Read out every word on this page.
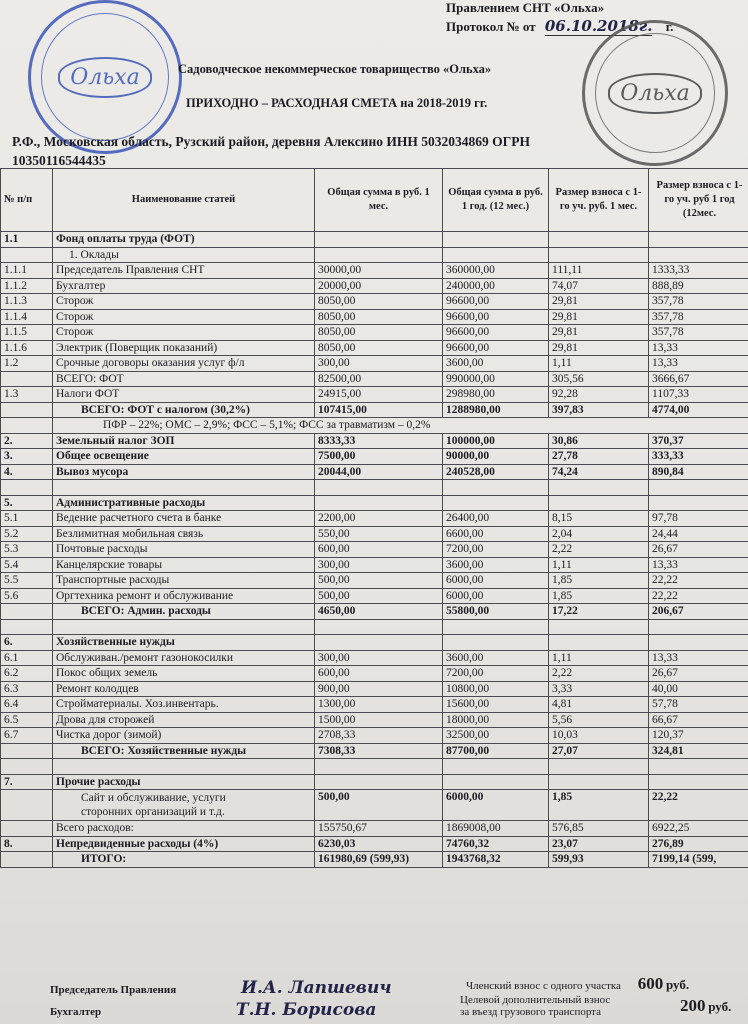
Правлением СНТ «Ольха»
Протокол № от 06.10.2018г. г.
Ольха
Ольха
Садоводческое некоммерческое товарищество «Ольха»
ПРИХОДНО – РАСХОДНАЯ СМЕТА на 2018-2019 гг.
Р.Ф., Московская область, Рузский район, деревня Алексино ИНН 5032034869 ОГРН
10350116544435
№ п/п	Наименование статей	Общая сумма в руб. 1 мес.	Общая сумма в руб. 1 год. (12 мес.)	Размер взноса с 1-го уч. руб. 1 мес.	Размер взноса с 1-го уч. руб 1 год (12мес.
1.1	Фонд оплаты труда (ФОТ)				
	1. Оклады				
1.1.1	Председатель Правления СНТ	30000,00	360000,00	111,11	1333,33
1.1.2	Бухгалтер	20000,00	240000,00	74,07	888,89
1.1.3	Сторож	8050,00	96600,00	29,81	357,78
1.1.4	Сторож	8050,00	96600,00	29,81	357,78
1.1.5	Сторож	8050,00	96600,00	29,81	357,78
1.1.6	Электрик (Поверщик показаний)	8050,00	96600,00	29,81	13,33
1.2	Срочные договоры оказания услуг ф/л	300,00	3600,00	1,11	13,33
	ВСЕГО: ФОТ	82500,00	990000,00	305,56	3666,67
1.3	Налоги ФОТ	24915,00	298980,00	92,28	1107,33
	ВСЕГО: ФОТ с налогом (30,2%)	107415,00	1288980,00	397,83	4774,00
	ПФР – 22%; ОМС – 2,9%; ФСС – 5,1%; ФСС за травматизм – 0,2%				
2.	Земельный налог ЗОП	8333,33	100000,00	30,86	370,37
3.	Общее освещение	7500,00	90000,00	27,78	333,33
4.	Вывоз мусора	20044,00	240528,00	74,24	890,84

5.	Административные расходы				
5.1	Ведение расчетного счета в банке	2200,00	26400,00	8,15	97,78
5.2	Безлимитная мобильная связь	550,00	6600,00	2,04	24,44
5.3	Почтовые расходы	600,00	7200,00	2,22	26,67
5.4	Канцелярские товары	300,00	3600,00	1,11	13,33
5.5	Транспортные расходы	500,00	6000,00	1,85	22,22
5.6	Оргтехника ремонт и обслуживание	500,00	6000,00	1,85	22,22
	ВСЕГО: Админ. расходы	4650,00	55800,00	17,22	206,67

6.	Хозяйственные нужды				
6.1	Обслуживан./ремонт газонокосилки	300,00	3600,00	1,11	13,33
6.2	Покос общих земель	600,00	7200,00	2,22	26,67
6.3	Ремонт колодцев	900,00	10800,00	3,33	40,00
6.4	Стройматериалы. Хоз.инвентарь.	1300,00	15600,00	4,81	57,78
6.5	Дрова для сторожей	1500,00	18000,00	5,56	66,67
6.7	Чистка дорог (зимой)	2708,33	32500,00	10,03	120,37
	ВСЕГО: Хозяйственные нужды	7308,33	87700,00	27,07	324,81

7.	Прочие расходы				

	Сайт и обслуживание, услуги
сторонних организаций и т.д.	500,00	6000,00	1,85	22,22
	Всего расходов:	155750,67	1869008,00	576,85	6922,25
8.	Непредвиденные расходы (4%)	6230,03	74760,32	23,07	276,89
	ИТОГО:	161980,69 (599,93)	1943768,32	599,93	7199,14 (599,
Председатель Правления	И.А. Лапшевич
Бухгалтер	Т.Н. Борисова
Членский взнос с одного участка 600 руб.
Целевой дополнительный взнос
за въезд грузового транспорта	200 руб.
